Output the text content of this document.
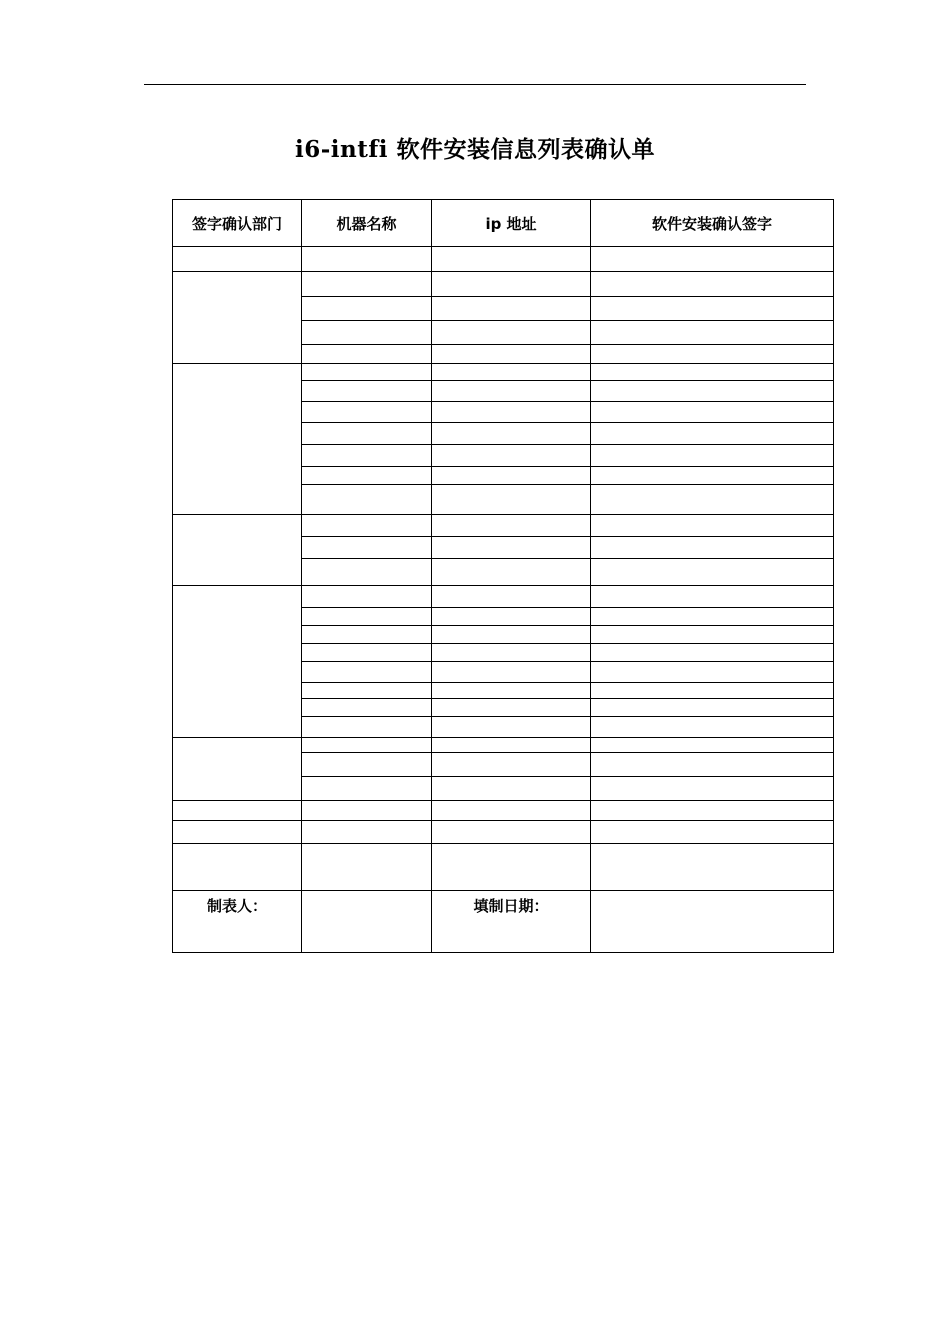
i6-intfi 软件安装信息列表确认单
签字确认部门	机器名称	ip 地址	软件安装确认签字

制表人：		填制日期：	
